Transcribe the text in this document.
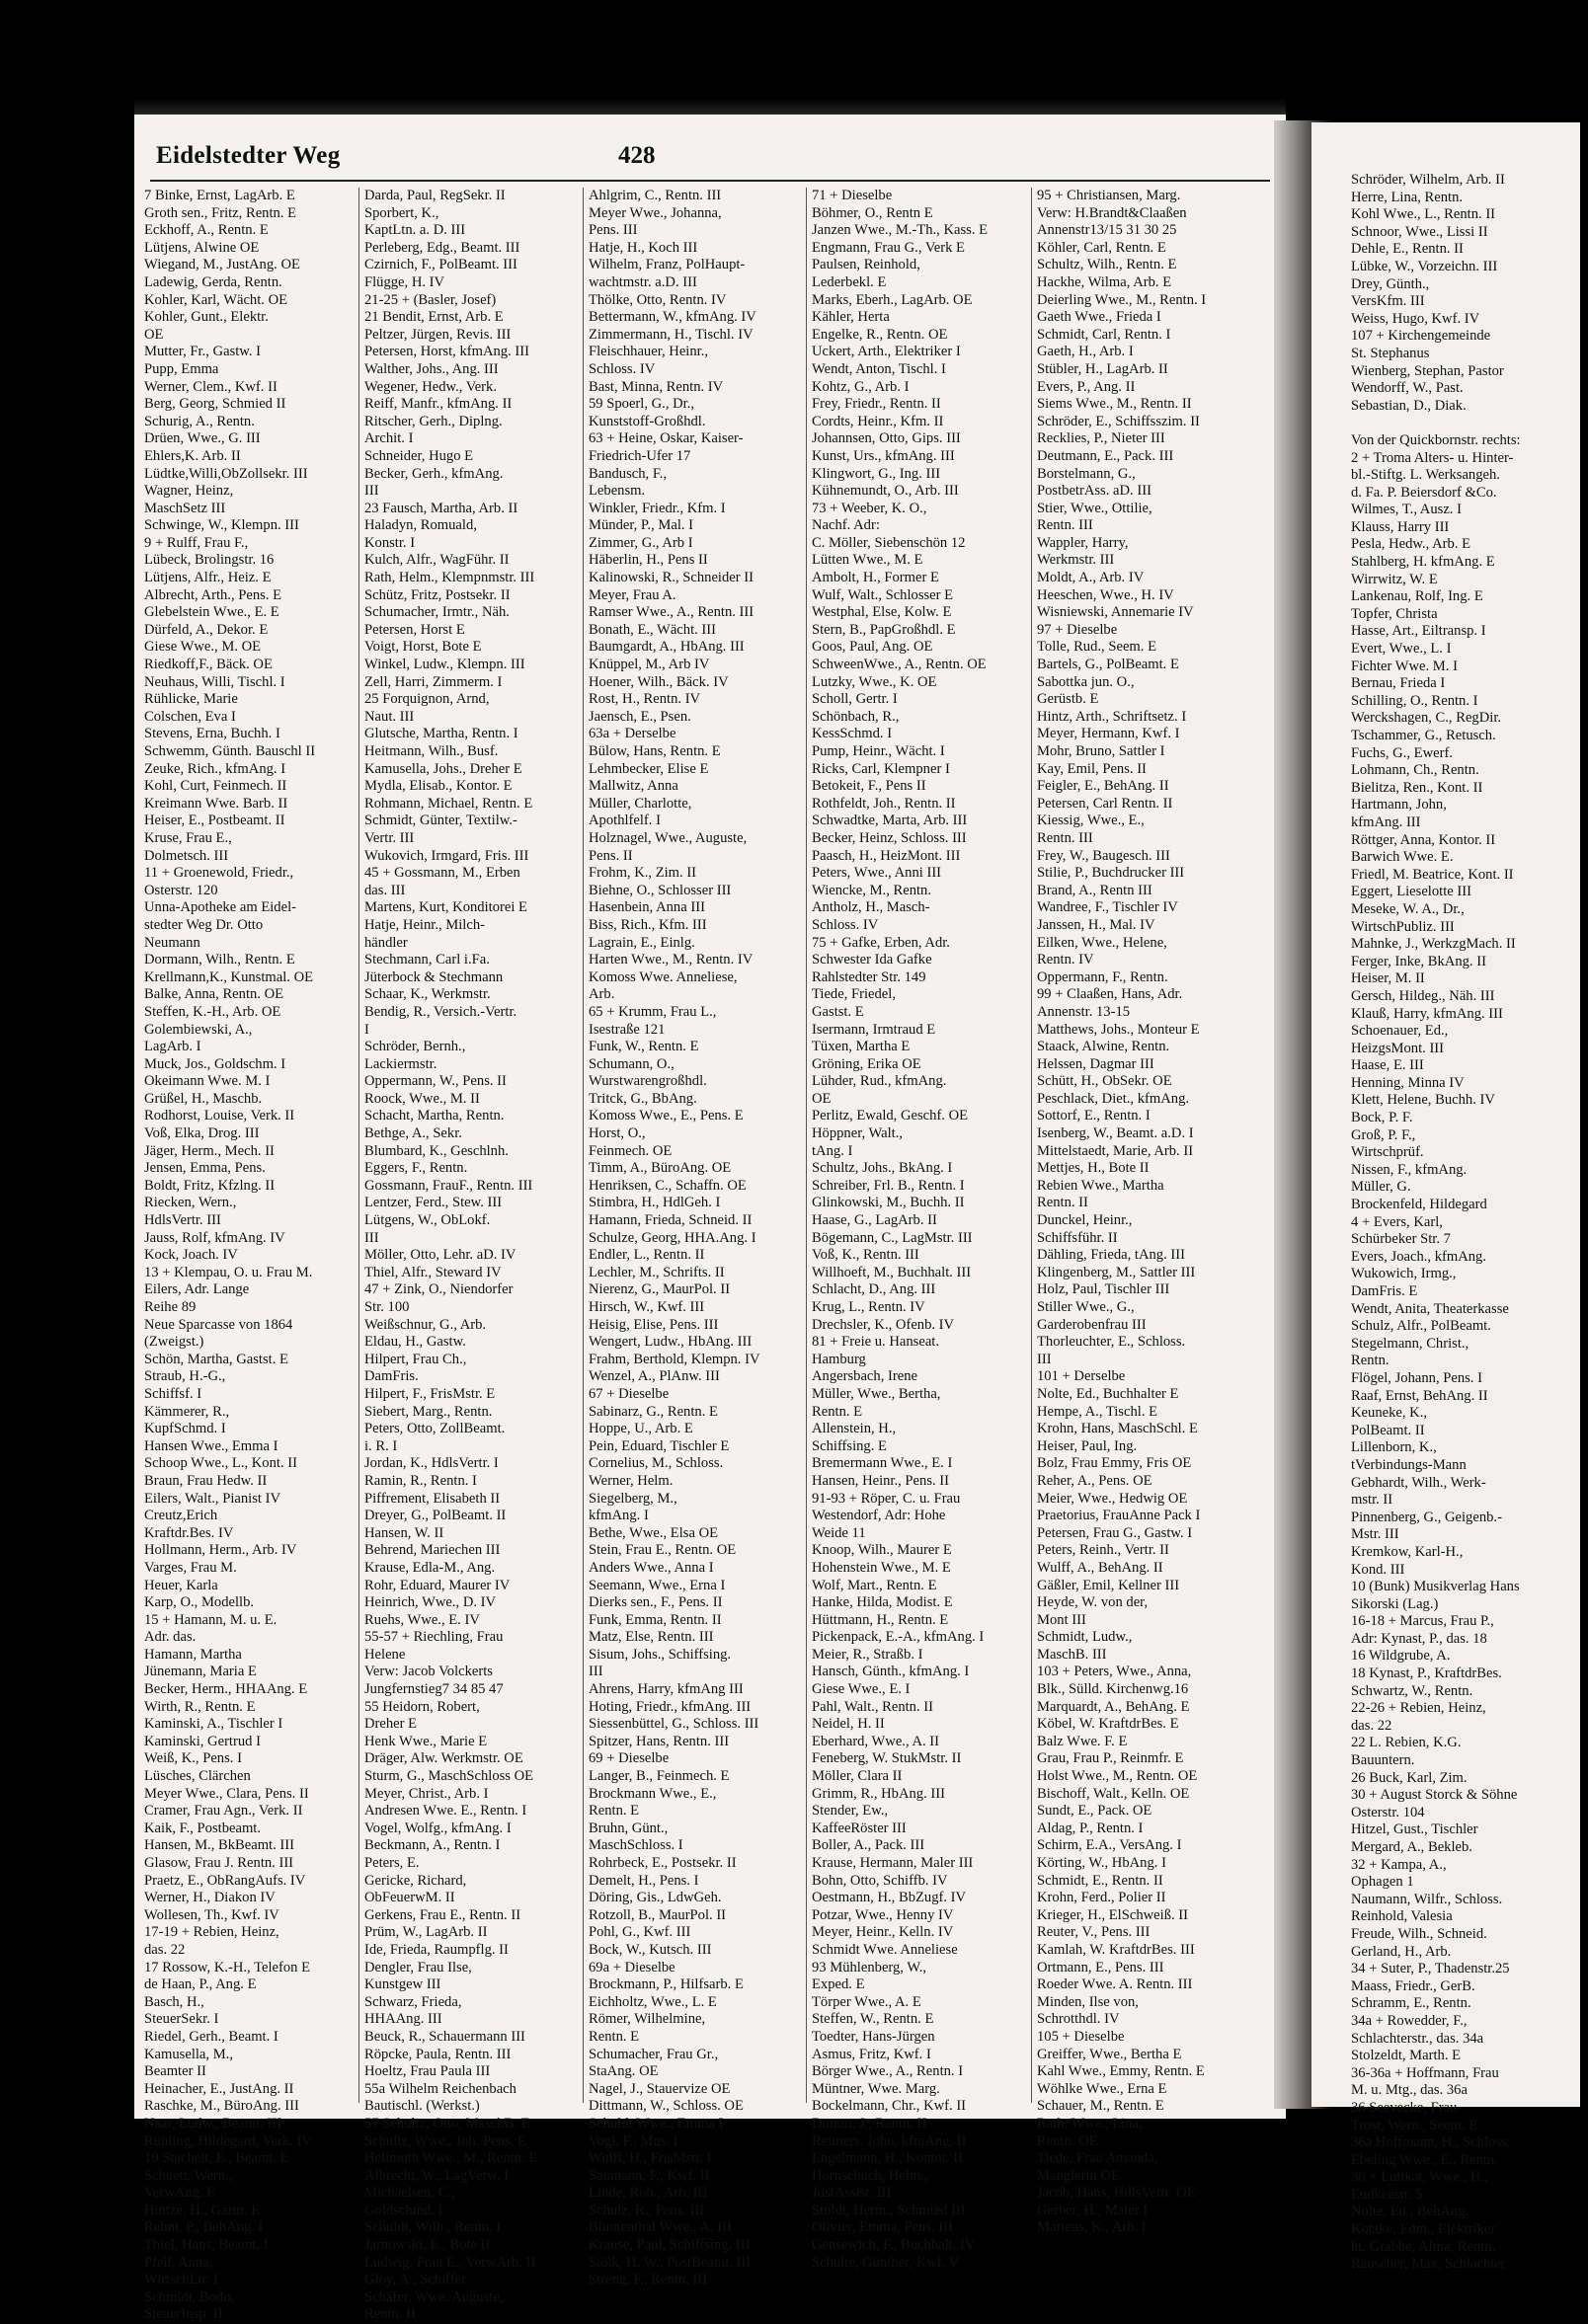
Eidelstedter Weg	428
7 Binke, Ernst, LagArb. E
Groth sen., Fritz, Rentn. E
Eckhoff, A., Rentn. E
Lütjens, Alwine OE
Wiegand, M., JustAng. OE
Ladewig, Gerda, Rentn.
Kohler, Karl, Wächt. OE
Kohler, Gunt., Elektr.
OE
Mutter, Fr., Gastw. I
Pupp, Emma
Werner, Clem., Kwf. II
Berg, Georg, Schmied II
Schurig, A., Rentn.
Drüen, Wwe., G. III
Ehlers,K. Arb. II
Lüdtke,Willi,ObZollsekr. III
Wagner, Heinz,
MaschSetz III
Schwinge, W., Klempn. III
9 + Rulff, Frau F.,
Lübeck, Brolingstr. 16
Lütjens, Alfr., Heiz. E
Albrecht, Arth., Pens. E
Glebelstein Wwe., E. E
Dürfeld, A., Dekor. E
Giese Wwe., M. OE
Riedkoff,F., Bäck. OE
Neuhaus, Willi, Tischl. I
Rühlicke, Marie
Colschen, Eva I
Stevens, Erna, Buchh. I
Schwemm, Günth. Bauschl II
Zeuke, Rich., kfmAng. I
Kohl, Curt, Feinmech. II
Kreimann Wwe. Barb. II
Heiser, E., Postbeamt. II
Kruse, Frau E.,
Dolmetsch. III
11 + Groenewold, Friedr.,
Osterstr. 120
Unna-Apotheke am Eidel-
stedter Weg Dr. Otto
Neumann
Dormann, Wilh., Rentn. E
Krellmann,K., Kunstmal. OE
Balke, Anna, Rentn. OE
Steffen, K.-H., Arb. OE
Golembiewski, A.,
LagArb. I
Muck, Jos., Goldschm. I
Okeimann Wwe. M. I
Grüßel, H., Maschb.
Rodhorst, Louise, Verk. II
Voß, Elka, Drog. III
Jäger, Herm., Mech. II
Jensen, Emma, Pens.
Boldt, Fritz, Kfzlng. II
Riecken, Wern.,
HdlsVertr. III
Jauss, Rolf, kfmAng. IV
Kock, Joach. IV
13 + Klempau, O. u. Frau M.
Eilers, Adr. Lange
Reihe 89
Neue Sparcasse von 1864
(Zweigst.)
Schön, Martha, Gastst. E
Straub, H.-G.,
Schiffsf. I
Kämmerer, R.,
KupfSchmd. I
Hansen Wwe., Emma I
Schoop Wwe., L., Kont. II
Braun, Frau Hedw. II
Eilers, Walt., Pianist IV
Creutz,Erich
Kraftdr.Bes. IV
Hollmann, Herm., Arb. IV
Varges, Frau M.
Heuer, Karla
Karp, O., Modellb.
15 + Hamann, M. u. E.
Adr. das.
Hamann, Martha
Jünemann, Maria E
Becker, Herm., HHAAng. E
Wirth, R., Rentn. E
Kaminski, A., Tischler I
Kaminski, Gertrud I
Weiß, K., Pens. I
Lüsches, Clärchen
Meyer Wwe., Clara, Pens. II
Cramer, Frau Agn., Verk. II
Kaik, F., Postbeamt.
Hansen, M., BkBeamt. III
Glasow, Frau J. Rentn. III
Praetz, E., ObRangAufs. IV
Werner, H., Diakon IV
Wollesen, Th., Kwf. IV
17-19 + Rebien, Heinz,
das. 22
17 Rossow, K.-H., Telefon E
de Haan, P., Ang. E
Basch, H.,
SteuerSekr. I
Riedel, Gerh., Beamt. I
Kamusella, M.,
Beamter II
Heinacher, E., JustAng. II
Raschke, M., BüroAng. III
Naar, Ludw., Beamt. III
Rühling, Hildegard, Verk. IV
19 Stacheit, E., Beamt. E
Schuett, Wern.,
VerwAng. E
Hintze, H., Gärtn. E
Rehm, P., BehAng. I
Thiel, Hans, Beamt. I
Pfeil, Anna,
WirtschLtr. I
Schmidt, Bodo,
SteuerInsp. II
Darda, Paul, RegSekr. II
Sporbert, K.,
KaptLtn. a. D. III
Perleberg, Edg., Beamt. III
Czirnich, F., PolBeamt. III
Flügge, H. IV
21-25 + (Basler, Josef)
21 Bendit, Ernst, Arb. E
Peltzer, Jürgen, Revis. III
Petersen, Horst, kfmAng. III
Walther, Johs., Ang. III
Wegener, Hedw., Verk.
Reiff, Manfr., kfmAng. II
Ritscher, Gerh., Diplng.
Archit. I
Schneider, Hugo E
Becker, Gerh., kfmAng.
III
23 Fausch, Martha, Arb. II
Haladyn, Romuald,
Konstr. I
Kulch, Alfr., WagFühr. II
Rath, Helm., Klempnmstr. III
Schütz, Fritz, Postsekr. II
Schumacher, Irmtr., Näh.
Petersen, Horst E
Voigt, Horst, Bote E
Winkel, Ludw., Klempn. III
Zell, Harri, Zimmerm. I
25 Forquignon, Arnd,
Naut. III
Glutsche, Martha, Rentn. I
Heitmann, Wilh., Busf.
Kamusella, Johs., Dreher E
Mydla, Elisab., Kontor. E
Rohmann, Michael, Rentn. E
Schmidt, Günter, Textilw.-
Vertr. III
Wukovich, Irmgard, Fris. III
45 + Gossmann, M., Erben
das. III
Martens, Kurt, Konditorei E
Hatje, Heinr., Milch-
händler
Stechmann, Carl i.Fa.
Jüterbock & Stechmann
Schaar, K., Werkmstr.
Bendig, R., Versich.-Vertr.
I
Schröder, Bernh.,
Lackiermstr.
Oppermann, W., Pens. II
Roock, Wwe., M. II
Schacht, Martha, Rentn.
Bethge, A., Sekr.
Blumbard, K., Geschlnh.
Eggers, F., Rentn.
Gossmann, FrauF., Rentn. III
Lentzer, Ferd., Stew. III
Lütgens, W., ObLokf.
III
Möller, Otto, Lehr. aD. IV
Thiel, Alfr., Steward IV
47 + Zink, O., Niendorfer
Str. 100
Weißschnur, G., Arb.
Eldau, H., Gastw.
Hilpert, Frau Ch.,
DamFris.
Hilpert, F., FrisMstr. E
Siebert, Marg., Rentn.
Peters, Otto, ZollBeamt.
i. R. I
Jordan, K., HdlsVertr. I
Ramin, R., Rentn. I
Piffrement, Elisabeth II
Dreyer, G., PolBeamt. II
Hansen, W. II
Behrend, Mariechen III
Krause, Edla-M., Ang.
Rohr, Eduard, Maurer IV
Heinrich, Wwe., D. IV
Ruehs, Wwe., E. IV
55-57 + Riechling, Frau
Helene
Verw: Jacob Volckerts
Jungfernstieg7 34 85 47
55 Heidorn, Robert,
Dreher E
Henk Wwe., Marie E
Dräger, Alw. Werkmstr. OE
Sturm, G., MaschSchloss OE
Meyer, Christ., Arb. I
Andresen Wwe. E., Rentn. I
Vogel, Wolfg., kfmAng. I
Beckmann, A., Rentn. I
Peters, E.
Gericke, Richard,
ObFeuerwM. II
Gerkens, Frau E., Rentn. II
Prüm, W., LagArb. II
Ide, Frieda, Raumpflg. II
Dengler, Frau Ilse,
Kunstgew III
Schwarz, Frieda,
HHAAng. III
Beuck, R., Schauermann III
Röpcke, Paula, Rentn. III
Hoeltz, Frau Paula III
55a Wilhelm Reichenbach
Bautischl. (Werkst.)
57 Schultz, Otto, MaschB. E
Schultz, Wwe., Joh. Pens. E
Hellmuth Wwe., M., Rentn. E
Albrecht, W., LagVerw. I
Michaelsen, C.,
Goldschmd. I
Schuldt, Wilh., Rentn. I
Jarnowski, E., Bote II
Ludwig, Frau E., VerwArb. II
Gloy, A., Schiffer
Schäfer, Wwe. Auguste,
Rentn. II
Ahlgrim, C., Rentn. III
Meyer Wwe., Johanna,
Pens. III
Hatje, H., Koch III
Wilhelm, Franz, PolHaupt-
wachtmstr. a.D. III
Thölke, Otto, Rentn. IV
Bettermann, W., kfmAng. IV
Zimmermann, H., Tischl. IV
Fleischhauer, Heinr.,
Schloss. IV
Bast, Minna, Rentn. IV
59 Spoerl, G., Dr.,
Kunststoff-Großhdl.
63 + Heine, Oskar, Kaiser-
Friedrich-Ufer 17
Bandusch, F.,
Lebensm.
Winkler, Friedr., Kfm. I
Münder, P., Mal. I
Zimmer, G., Arb I
Häberlin, H., Pens II
Kalinowski, R., Schneider II
Meyer, Frau A.
Ramser Wwe., A., Rentn. III
Bonath, E., Wächt. III
Baumgardt, A., HbAng. III
Knüppel, M., Arb IV
Hoener, Wilh., Bäck. IV
Rost, H., Rentn. IV
Jaensch, E., Psen.
63a + Derselbe
Bülow, Hans, Rentn. E
Lehmbecker, Elise E
Mallwitz, Anna
Müller, Charlotte,
Apothlfelf. I
Holznagel, Wwe., Auguste,
Pens. II
Frohm, K., Zim. II
Biehne, O., Schlosser III
Hasenbein, Anna III
Biss, Rich., Kfm. III
Lagrain, E., Einlg.
Harten Wwe., M., Rentn. IV
Komoss Wwe. Anneliese,
Arb.
65 + Krumm, Frau L.,
Isestraße 121
Funk, W., Rentn. E
Schumann, O.,
Wurstwarengroßhdl.
Tritck, G., BbAng.
Komoss Wwe., E., Pens. E
Horst, O.,
Feinmech. OE
Timm, A., BüroAng. OE
Henriksen, C., Schaffn. OE
Stimbra, H., HdlGeh. I
Hamann, Frieda, Schneid. II
Schulze, Georg, HHA.Ang. I
Endler, L., Rentn. II
Lechler, M., Schrifts. II
Nierenz, G., MaurPol. II
Hirsch, W., Kwf. III
Heisig, Elise, Pens. III
Wengert, Ludw., HbAng. III
Frahm, Berthold, Klempn. IV
Wenzel, A., PlAnw. III
67 + Dieselbe
Sabinarz, G., Rentn. E
Hoppe, U., Arb. E
Pein, Eduard, Tischler E
Cornelius, M., Schloss.
Werner, Helm.
Siegelberg, M.,
kfmAng. I
Bethe, Wwe., Elsa OE
Stein, Frau E., Rentn. OE
Anders Wwe., Anna I
Seemann, Wwe., Erna I
Dierks sen., F., Pens. II
Funk, Emma, Rentn. II
Matz, Else, Rentn. III
Sisum, Johs., Schiffsing.
III
Ahrens, Harry, kfmAng III
Hoting, Friedr., kfmAng. III
Siessenbüttel, G., Schloss. III
Spitzer, Hans, Rentn. III
69 + Dieselbe
Langer, B., Feinmech. E
Brockmann Wwe., E.,
Rentn. E
Bruhn, Günt.,
MaschSchloss. I
Rohrbeck, E., Postsekr. II
Demelt, H., Pens. I
Döring, Gis., LdwGeh.
Rotzoll, B., MaurPol. II
Pohl, G., Kwf. III
Bock, W., Kutsch. III
69a + Dieselbe
Brockmann, P., Hilfsarb. E
Eichholtz, Wwe., L. E
Römer, Wilhelmine,
Rentn. E
Schumacher, Frau Gr.,
StaAng. OE
Nagel, J., Stauervize OE
Dittmann, W., Schloss. OE
Schuldt Wwe., Emma I
Vogl, F., Mus. I
Wulff, H., FrisMstr. I
Saumann, F., Kwf. II
Linde, Rob., Arb. III
Schulz, R., Pens. III
Blumenthal Wwe., A. III
Krause, Paul, Schiffsing. III
Stölk, H. W., PostBeamt. III
Streng, F., Rentn. III
71 + Dieselbe
Böhmer, O., Rentn E
Janzen Wwe., M.-Th., Kass. E
Engmann, Frau G., Verk E
Paulsen, Reinhold,
Lederbekl. E
Marks, Eberh., LagArb. OE
Kähler, Herta
Engelke, R., Rentn. OE
Uckert, Arth., Elektriker I
Wendt, Anton, Tischl. I
Kohtz, G., Arb. I
Frey, Friedr., Rentn. II
Cordts, Heinr., Kfm. II
Johannsen, Otto, Gips. III
Kunst, Urs., kfmAng. III
Klingwort, G., Ing. III
Kühnemundt, O., Arb. III
73 + Weeber, K. O.,
Nachf. Adr:
C. Möller, Siebenschön 12
Lütten Wwe., M. E
Ambolt, H., Former E
Wulf, Walt., Schlosser E
Westphal, Else, Kolw. E
Stern, B., PapGroßhdl. E
Goos, Paul, Ang. OE
SchweenWwe., A., Rentn. OE
Lutzky, Wwe., K. OE
Scholl, Gertr. I
Schönbach, R.,
KessSchmd. I
Pump, Heinr., Wächt. I
Ricks, Carl, Klempner I
Betokeit, F., Pens II
Rothfeldt, Joh., Rentn. II
Schwadtke, Marta, Arb. III
Becker, Heinz, Schloss. III
Paasch, H., HeizMont. III
Peters, Wwe., Anni III
Wiencke, M., Rentn.
Antholz, H., Masch-
Schloss. IV
75 + Gafke, Erben, Adr.
Schwester Ida Gafke
Rahlstedter Str. 149
Tiede, Friedel,
Gastst. E
Isermann, Irmtraud E
Tüxen, Martha E
Gröning, Erika OE
Lühder, Rud., kfmAng.
OE
Perlitz, Ewald, Geschf. OE
Höppner, Walt.,
tAng. I
Schultz, Johs., BkAng. I
Schreiber, Frl. B., Rentn. I
Glinkowski, M., Buchh. II
Haase, G., LagArb. II
Bögemann, C., LagMstr. III
Voß, K., Rentn. III
Willhoeft, M., Buchhalt. III
Schlacht, D., Ang. III
Krug, L., Rentn. IV
Drechsler, K., Ofenb. IV
81 + Freie u. Hanseat.
Hamburg
Angersbach, Irene
Müller, Wwe., Bertha,
Rentn. E
Allenstein, H.,
Schiffsing. E
Bremermann Wwe., E. I
Hansen, Heinr., Pens. II
91-93 + Röper, C. u. Frau
Westendorf, Adr: Hohe
Weide 11
Knoop, Wilh., Maurer E
Hohenstein Wwe., M. E
Wolf, Mart., Rentn. E
Hanke, Hilda, Modist. E
Hüttmann, H., Rentn. E
Pickenpack, E.-A., kfmAng. I
Meier, R., Straßb. I
Hansch, Günth., kfmAng. I
Giese Wwe., E. I
Pahl, Walt., Rentn. II
Neidel, H. II
Eberhard, Wwe., A. II
Feneberg, W. StukMstr. II
Möller, Clara II
Grimm, R., HbAng. III
Stender, Ew.,
KaffeeRöster III
Boller, A., Pack. III
Krause, Hermann, Maler III
Bohn, Otto, Schiffb. IV
Oestmann, H., BbZugf. IV
Potzar, Wwe., Henny IV
Meyer, Heinr., Kelln. IV
Schmidt Wwe. Anneliese
93 Mühlenberg, W.,
Exped. E
Törper Wwe., A. E
Steffen, W., Rentn. E
Toedter, Hans-Jürgen
Asmus, Fritz, Kwf. I
Börger Wwe., A., Rentn. I
Müntner, Wwe. Marg.
Bockelmann, Chr., Kwf. II
Dumm, J., Rentn. II
Reimers, John, kfmAng. II
Engelmann, H., Kontor. II
Hornschuch, Helm.,
JustAssist. III
Stoldt, Herm., Schmied III
Olivier, Emma, Pens. III
Gensewich, F., Buchhalt. IV
Schulte, Günther, Kwf. V
95 + Christiansen, Marg.
Verw: H.Brandt&Claaßen
Annenstr13/15 31 30 25
Köhler, Carl, Rentn. E
Schultz, Wilh., Rentn. E
Hackhe, Wilma, Arb. E
Deierling Wwe., M., Rentn. I
Gaeth Wwe., Frieda I
Schmidt, Carl, Rentn. I
Gaeth, H., Arb. I
Stübler, H., LagArb. II
Evers, P., Ang. II
Siems Wwe., M., Rentn. II
Schröder, E., Schiffsszim. II
Recklies, P., Nieter III
Deutmann, E., Pack. III
Borstelmann, G.,
PostbetrAss. aD. III
Stier, Wwe., Ottilie,
Rentn. III
Wappler, Harry,
Werkmstr. III
Moldt, A., Arb. IV
Heeschen, Wwe., H. IV
Wisniewski, Annemarie IV
97 + Dieselbe
Tolle, Rud., Seem. E
Bartels, G., PolBeamt. E
Sabottka jun. O.,
Gerüstb. E
Hintz, Arth., Schriftsetz. I
Meyer, Hermann, Kwf. I
Mohr, Bruno, Sattler I
Kay, Emil, Pens. II
Feigler, E., BehAng. II
Petersen, Carl Rentn. II
Kiessig, Wwe., E.,
Rentn. III
Frey, W., Baugesch. III
Stilie, P., Buchdrucker III
Brand, A., Rentn III
Wandree, F., Tischler IV
Janssen, H., Mal. IV
Eilken, Wwe., Helene,
Rentn. IV
Oppermann, F., Rentn.
99 + Claaßen, Hans, Adr.
Annenstr. 13-15
Matthews, Johs., Monteur E
Staack, Alwine, Rentn.
Helssen, Dagmar III
Schütt, H., ObSekr. OE
Peschlack, Diet., kfmAng.
Sottorf, E., Rentn. I
Isenberg, W., Beamt. a.D. I
Mittelstaedt, Marie, Arb. II
Mettjes, H., Bote II
Rebien Wwe., Martha
Rentn. II
Dunckel, Heinr.,
Schiffsführ. II
Dähling, Frieda, tAng. III
Klingenberg, M., Sattler III
Holz, Paul, Tischler III
Stiller Wwe., G.,
Garderobenfrau III
Thorleuchter, E., Schloss.
III
101 + Derselbe
Nolte, Ed., Buchhalter E
Hempe, A., Tischl. E
Krohn, Hans, MaschSchl. E
Heiser, Paul, Ing.
Bolz, Frau Emmy, Fris OE
Reher, A., Pens. OE
Meier, Wwe., Hedwig OE
Praetorius, FrauAnne Pack I
Petersen, Frau G., Gastw. I
Peters, Reinh., Vertr. II
Wulff, A., BehAng. II
Gäßler, Emil, Kellner III
Heyde, W. von der,
Mont III
Schmidt, Ludw.,
MaschB. III
103 + Peters, Wwe., Anna,
Blk., Sülld. Kirchenwg.16
Marquardt, A., BehAng. E
Köbel, W. KraftdrBes. E
Balz Wwe. F. E
Grau, Frau P., Reinmfr. E
Holst Wwe., M., Rentn. OE
Bischoff, Walt., Kelln. OE
Sundt, E., Pack. OE
Aldag, P., Rentn. I
Schirm, E.A., VersAng. I
Körting, W., HbAng. I
Schmidt, E., Rentn. II
Krohn, Ferd., Polier II
Krieger, H., ElSchweiß. II
Reuter, V., Pens. III
Kamlah, W. KraftdrBes. III
Ortmann, E., Pens. III
Roeder Wwe. A. Rentn. III
Minden, Ilse von,
Schrotthdl. IV
105 + Dieselbe
Greiffer, Wwe., Bertha E
Kahl Wwe., Emmy, Rentn. E
Wöhlke Wwe., Erna E
Schauer, M., Rentn. E
Rath, Wwe., Lina,
Rentn. OE
Tiede, Frau Amanda,
Manglerin OE
Jacob, Hans, HdlsVertr. OE
Gerber, H., Maler I
Martens, K., Arb. I
Schröder, Wilhelm, Arb. II
Herre, Lina, Rentn.
Kohl Wwe., L., Rentn. II
Schnoor, Wwe., Lissi II
Dehle, E., Rentn. II
Lübke, W., Vorzeichn. III
Drey, Günth.,
VersKfm. III
Weiss, Hugo, Kwf. IV
107 + Kirchengemeinde
St. Stephanus
Wienberg, Stephan, Pastor
Wendorff, W., Past.
Sebastian, D., Diak.
Von der Quickbornstr. rechts:
2 + Troma Alters- u. Hinter-
bl.-Stiftg. L. Werksangeh.
d. Fa. P. Beiersdorf &Co.
Wilmes, T., Ausz. I
Klauss, Harry III
Pesla, Hedw., Arb. E
Stahlberg, H. kfmAng. E
Wirrwitz, W. E
Lankenau, Rolf, Ing. E
Topfer, Christa
Hasse, Art., Eiltransp. I
Evert, Wwe., L. I
Fichter Wwe. M. I
Bernau, Frieda I
Schilling, O., Rentn. I
Werckshagen, C., RegDir.
Tschammer, G., Retusch.
Fuchs, G., Ewerf.
Lohmann, Ch., Rentn.
Bielitza, Ren., Kont. II
Hartmann, John,
kfmAng. III
Röttger, Anna, Kontor. II
Barwich Wwe. E.
Friedl, M. Beatrice, Kont. II
Eggert, Lieselotte III
Meseke, W. A., Dr.,
WirtschPubliz. III
Mahnke, J., WerkzgMach. II
Ferger, Inke, BkAng. II
Heiser, M. II
Gersch, Hildeg., Näh. III
Klauß, Harry, kfmAng. III
Schoenauer, Ed.,
HeizgsMont. III
Haase, E. III
Henning, Minna IV
Klett, Helene, Buchh. IV
Bock, P. F.
Groß, P. F.,
Wirtschprüf.
Nissen, F., kfmAng.
Müller, G.
Brockenfeld, Hildegard
4 + Evers, Karl,
Schürbeker Str. 7
Evers, Joach., kfmAng.
Wukowich, Irmg.,
DamFris. E
Wendt, Anita, Theaterkasse
Schulz, Alfr., PolBeamt.
Stegelmann, Christ.,
Rentn.
Flögel, Johann, Pens. I
Raaf, Ernst, BehAng. II
Keuneke, K.,
PolBeamt. II
Lillenborn, K.,
tVerbindungs-Mann
Gebhardt, Wilh., Werk-
mstr. II
Pinnenberg, G., Geigenb.-
Mstr. III
Kremkow, Karl-H.,
Kond. III
10 (Bunk) Musikverlag Hans
Sikorski (Lag.)
16-18 + Marcus, Frau P.,
Adr: Kynast, P., das. 18
16 Wildgrube, A.
18 Kynast, P., KraftdrBes.
Schwartz, W., Rentn.
22-26 + Rebien, Heinz,
das. 22
22 L. Rebien, K.G.
Bauuntern.
26 Buck, Karl, Zim.
30 + August Storck & Söhne
Osterstr. 104
Hitzel, Gust., Tischler
Mergard, A., Bekleb.
32 + Kampa, A.,
Ophagen 1
Naumann, Wilfr., Schloss.
Reinhold, Valesia
Freude, Wilh., Schneid.
Gerland, H., Arb.
34 + Suter, P., Thadenstr.25
Maass, Friedr., GerB.
Schramm, E., Rentn.
34a + Rowedder, F.,
Schlachterstr., das. 34a
Stolzeldt, Marth. E
36-36a + Hoffmann, Frau
M. u. Mtg., das. 36a
36 Seevecke, Frau
Trost, Wern., Seem. E
36a Hoffmann, H., Schloss.
Ebeling Wwe., E., Rentn.
38 + Luttkat, Wwe., H.,
Eudkeestr. 5
Nolte, Ed., BehAng.
Kotzke, Edm., Elektriker
ht. Grabbe, Alma, Rentn.
Rauscher, Max, Schlachter
